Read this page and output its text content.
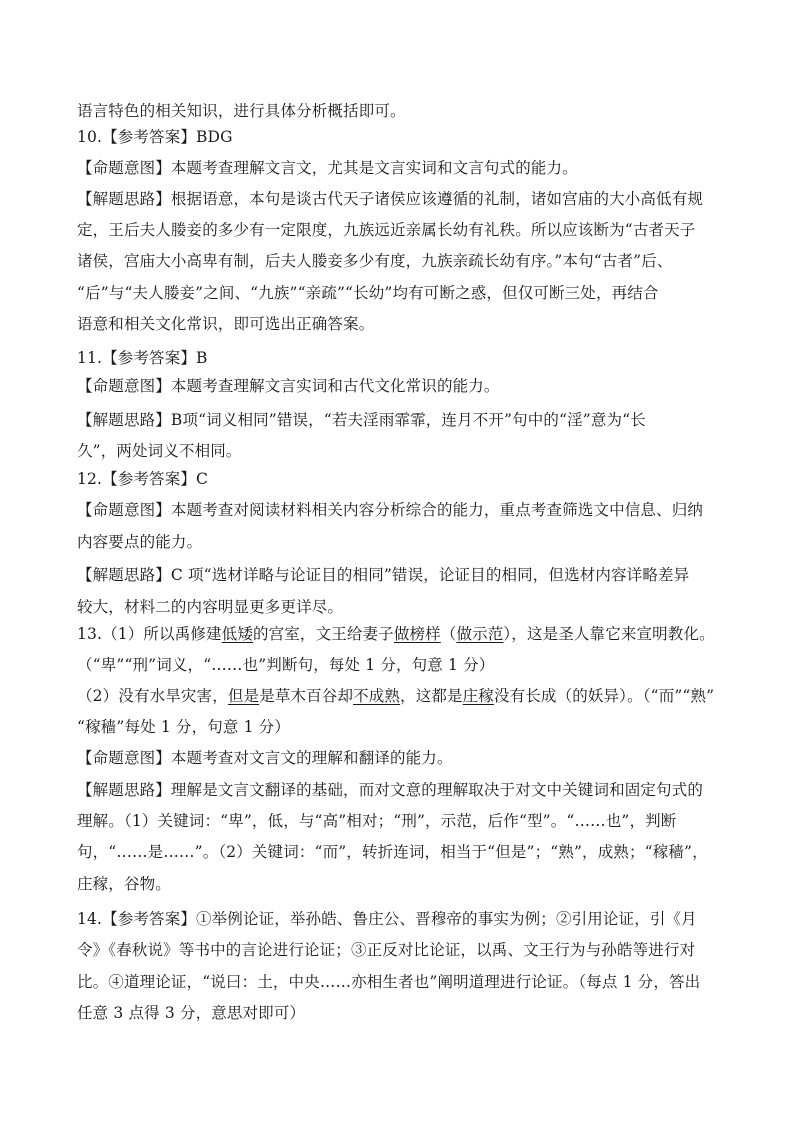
语言特色的相关知识，进行具体分析概括即可。
10.【参考答案】BDG
【命题意图】本题考查理解文言文，尤其是文言实词和文言句式的能力。
【解题思路】根据语意，本句是谈古代天子诸侯应该遵循的礼制，诸如宫庙的大小高低有规
定，王后夫人媵妾的多少有一定限度，九族远近亲属长幼有礼秩。所以应该断为“古者天子
诸侯，宫庙大小高卑有制，后夫人媵妾多少有度，九族亲疏长幼有序。”本句“古者”后、
“后”与“夫人媵妾”之间、“九族”“亲疏”“长幼”均有可断之惑，但仅可断三处，再结合
语意和相关文化常识，即可选出正确答案。
11.【参考答案】B
【命题意图】本题考查理解文言实词和古代文化常识的能力。
【解题思路】B项“词义相同”错误，“若夫淫雨霏霏，连月不开”句中的“淫”意为“长
久”，两处词义不相同。
12.【参考答案】C
【命题意图】本题考查对阅读材料相关内容分析综合的能力，重点考查筛选文中信息、归纳
内容要点的能力。
【解题思路】C 项“选材详略与论证目的相同”错误，论证目的相同，但选材内容详略差异
较大，材料二的内容明显更多更详尽。
13.（1）所以禹修建低矮的宫室，文王给妻子做榜样（做示范），这是圣人靠它来宣明教化。
（“卑”“刑”词义，“……也”判断句，每处 1 分，句意 1 分）
（2）没有水旱灾害，但是是草木百谷却不成熟，这都是庄稼没有长成（的妖异）。（“而”“熟”
“稼穑”每处 1 分，句意 1 分）
【命题意图】本题考查对文言文的理解和翻译的能力。
【解题思路】理解是文言文翻译的基础，而对文意的理解取决于对文中关键词和固定句式的
理解。（1）关键词：“卑”，低，与“高”相对；“刑”，示范，后作“型”。“……也”，判断
句，“……是……”。（2）关键词：“而”，转折连词，相当于“但是”；“熟”，成熟；“稼穑”，
庄稼，谷物。
14.【参考答案】①举例论证，举孙皓、鲁庄公、晋穆帝的事实为例；②引用论证，引《月
令》《春秋说》等书中的言论进行论证；③正反对比论证，以禹、文王行为与孙皓等进行对
比。④道理论证，“说曰：土，中央……亦相生者也”阐明道理进行论证。（每点 1 分，答出
任意 3 点得 3 分，意思对即可）
